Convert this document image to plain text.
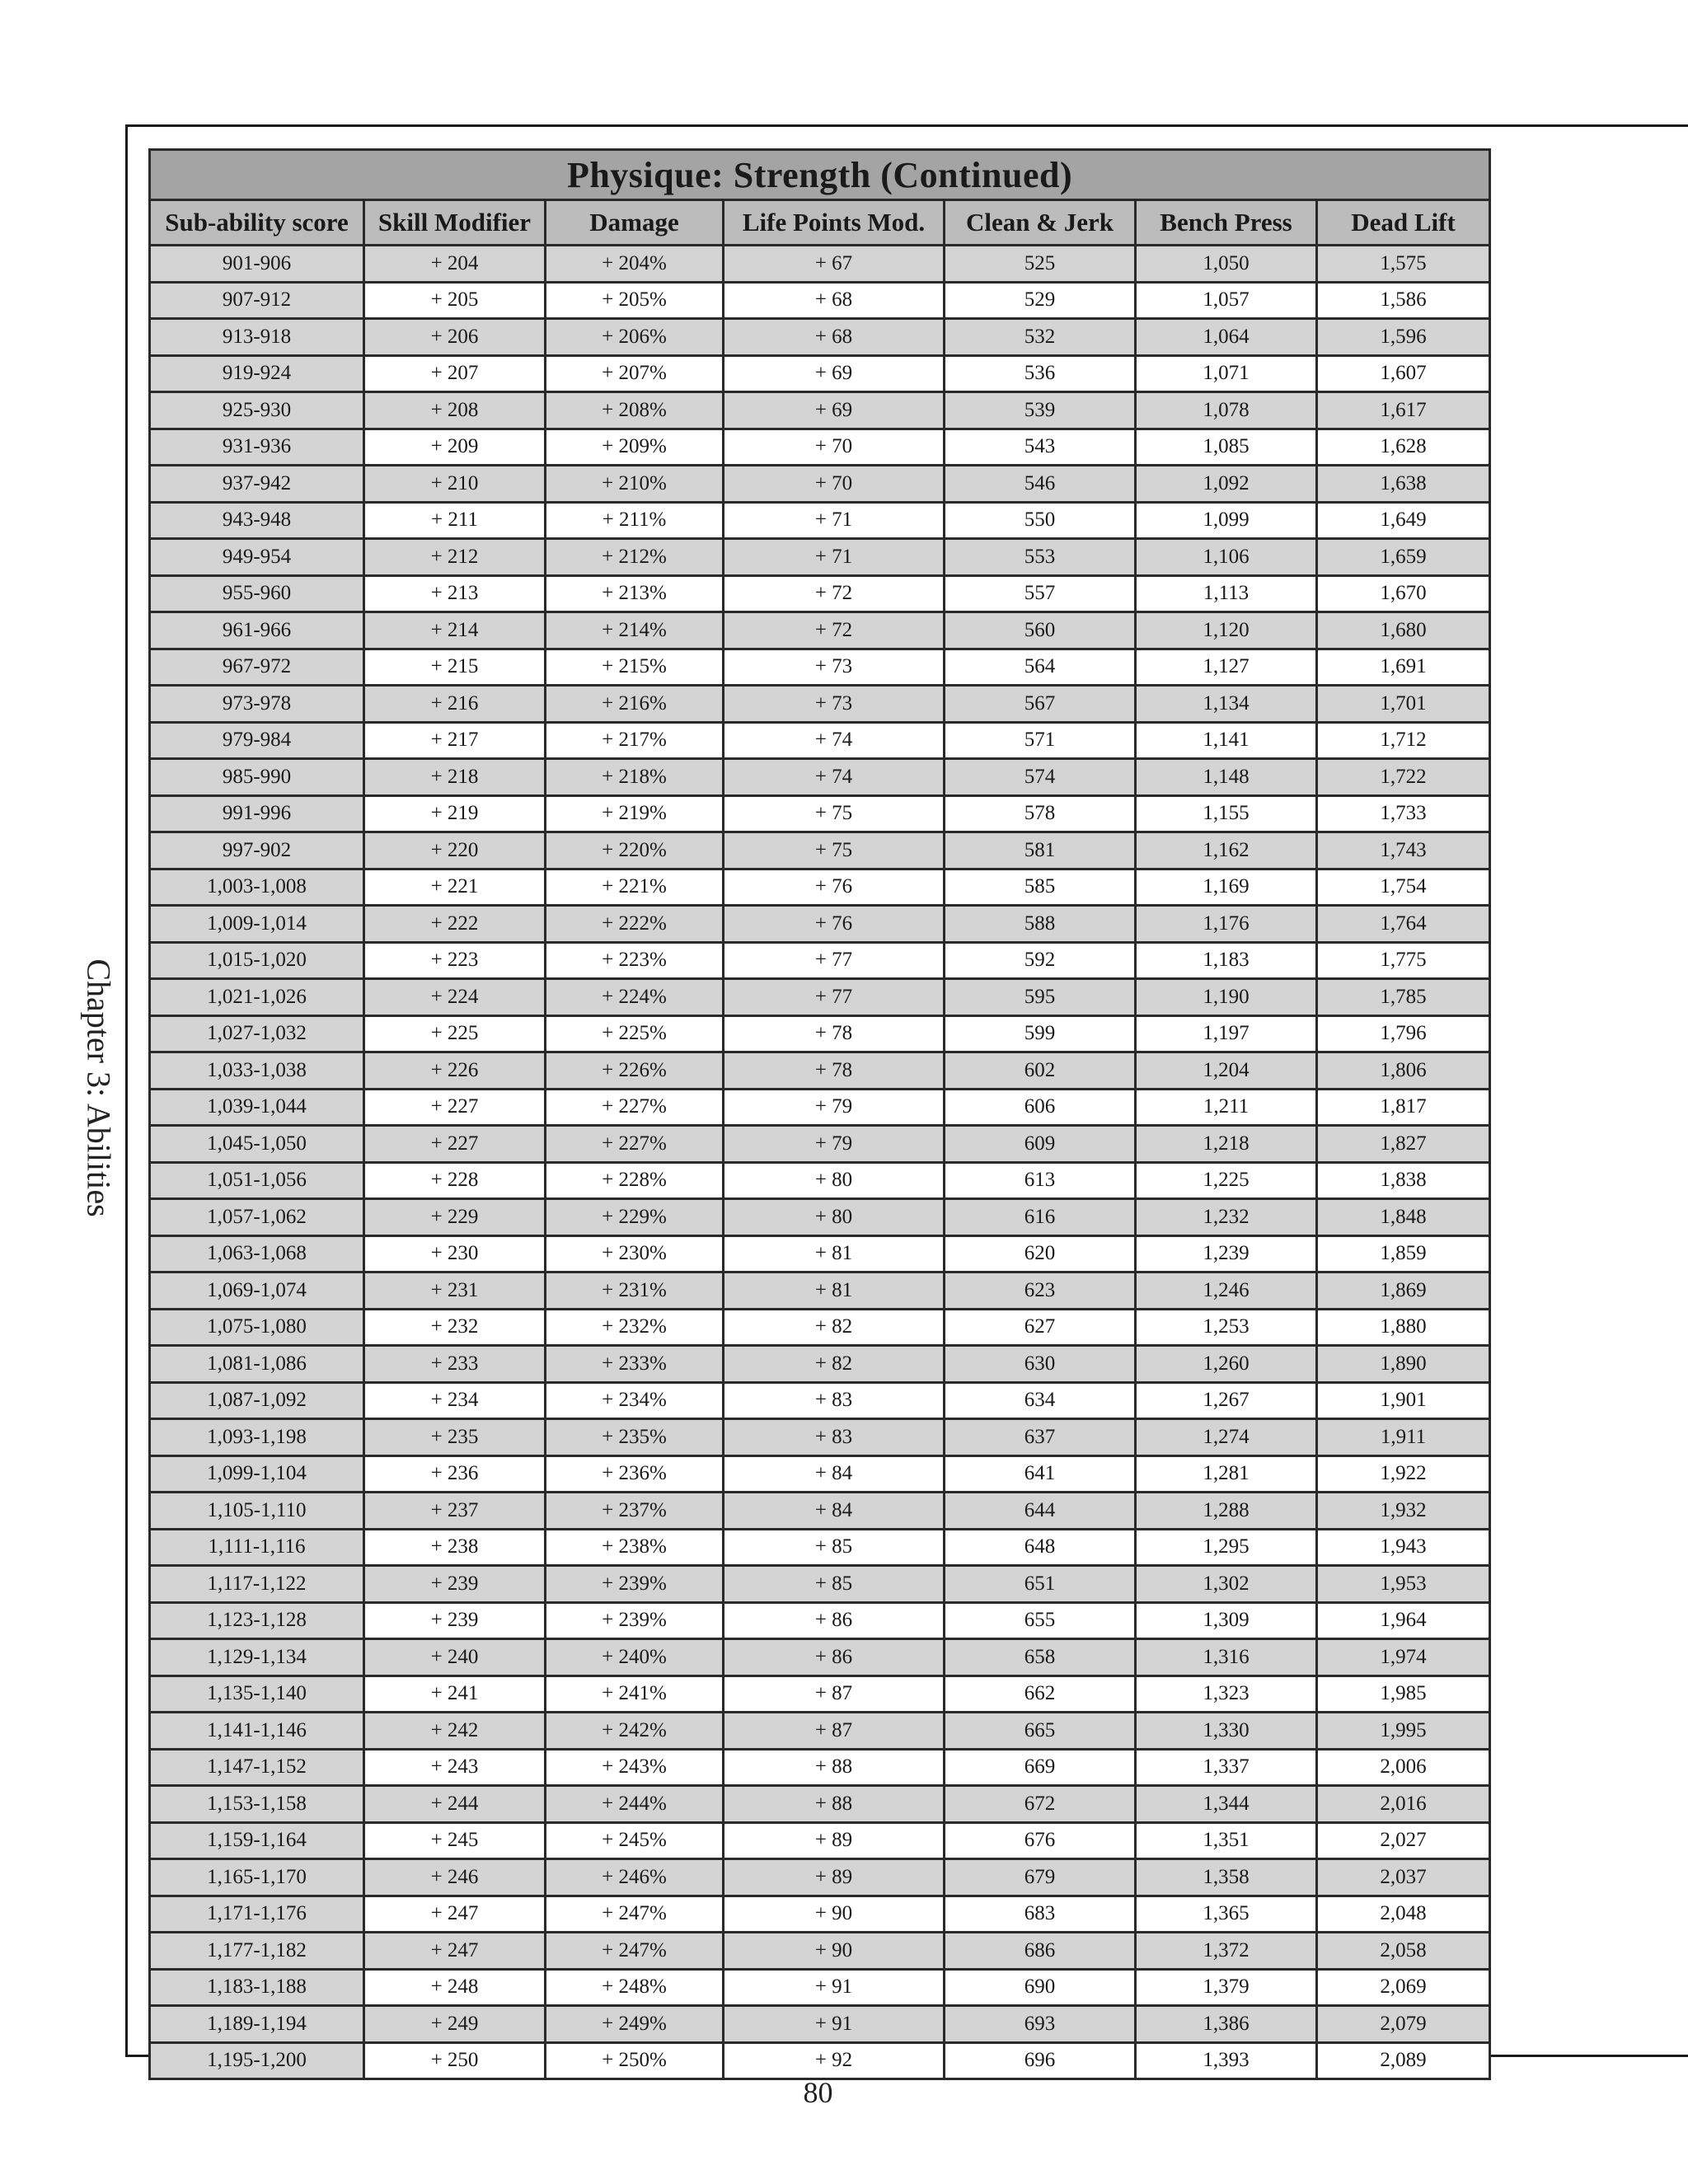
Chapter 3: Abilities
Physique: Strength (Continued)						
Sub-ability score	Skill Modifier	Damage	Life Points Mod.	Clean & Jerk	Bench Press	Dead Lift
901-906	+ 204	+ 204%	+ 67	525	1,050	1,575
907-912	+ 205	+ 205%	+ 68	529	1,057	1,586
913-918	+ 206	+ 206%	+ 68	532	1,064	1,596
919-924	+ 207	+ 207%	+ 69	536	1,071	1,607
925-930	+ 208	+ 208%	+ 69	539	1,078	1,617
931-936	+ 209	+ 209%	+ 70	543	1,085	1,628
937-942	+ 210	+ 210%	+ 70	546	1,092	1,638
943-948	+ 211	+ 211%	+ 71	550	1,099	1,649
949-954	+ 212	+ 212%	+ 71	553	1,106	1,659
955-960	+ 213	+ 213%	+ 72	557	1,113	1,670
961-966	+ 214	+ 214%	+ 72	560	1,120	1,680
967-972	+ 215	+ 215%	+ 73	564	1,127	1,691
973-978	+ 216	+ 216%	+ 73	567	1,134	1,701
979-984	+ 217	+ 217%	+ 74	571	1,141	1,712
985-990	+ 218	+ 218%	+ 74	574	1,148	1,722
991-996	+ 219	+ 219%	+ 75	578	1,155	1,733
997-902	+ 220	+ 220%	+ 75	581	1,162	1,743
1,003-1,008	+ 221	+ 221%	+ 76	585	1,169	1,754
1,009-1,014	+ 222	+ 222%	+ 76	588	1,176	1,764
1,015-1,020	+ 223	+ 223%	+ 77	592	1,183	1,775
1,021-1,026	+ 224	+ 224%	+ 77	595	1,190	1,785
1,027-1,032	+ 225	+ 225%	+ 78	599	1,197	1,796
1,033-1,038	+ 226	+ 226%	+ 78	602	1,204	1,806
1,039-1,044	+ 227	+ 227%	+ 79	606	1,211	1,817
1,045-1,050	+ 227	+ 227%	+ 79	609	1,218	1,827
1,051-1,056	+ 228	+ 228%	+ 80	613	1,225	1,838
1,057-1,062	+ 229	+ 229%	+ 80	616	1,232	1,848
1,063-1,068	+ 230	+ 230%	+ 81	620	1,239	1,859
1,069-1,074	+ 231	+ 231%	+ 81	623	1,246	1,869
1,075-1,080	+ 232	+ 232%	+ 82	627	1,253	1,880
1,081-1,086	+ 233	+ 233%	+ 82	630	1,260	1,890
1,087-1,092	+ 234	+ 234%	+ 83	634	1,267	1,901
1,093-1,198	+ 235	+ 235%	+ 83	637	1,274	1,911
1,099-1,104	+ 236	+ 236%	+ 84	641	1,281	1,922
1,105-1,110	+ 237	+ 237%	+ 84	644	1,288	1,932
1,111-1,116	+ 238	+ 238%	+ 85	648	1,295	1,943
1,117-1,122	+ 239	+ 239%	+ 85	651	1,302	1,953
1,123-1,128	+ 239	+ 239%	+ 86	655	1,309	1,964
1,129-1,134	+ 240	+ 240%	+ 86	658	1,316	1,974
1,135-1,140	+ 241	+ 241%	+ 87	662	1,323	1,985
1,141-1,146	+ 242	+ 242%	+ 87	665	1,330	1,995
1,147-1,152	+ 243	+ 243%	+ 88	669	1,337	2,006
1,153-1,158	+ 244	+ 244%	+ 88	672	1,344	2,016
1,159-1,164	+ 245	+ 245%	+ 89	676	1,351	2,027
1,165-1,170	+ 246	+ 246%	+ 89	679	1,358	2,037
1,171-1,176	+ 247	+ 247%	+ 90	683	1,365	2,048
1,177-1,182	+ 247	+ 247%	+ 90	686	1,372	2,058
1,183-1,188	+ 248	+ 248%	+ 91	690	1,379	2,069
1,189-1,194	+ 249	+ 249%	+ 91	693	1,386	2,079
1,195-1,200	+ 250	+ 250%	+ 92	696	1,393	2,089
80
